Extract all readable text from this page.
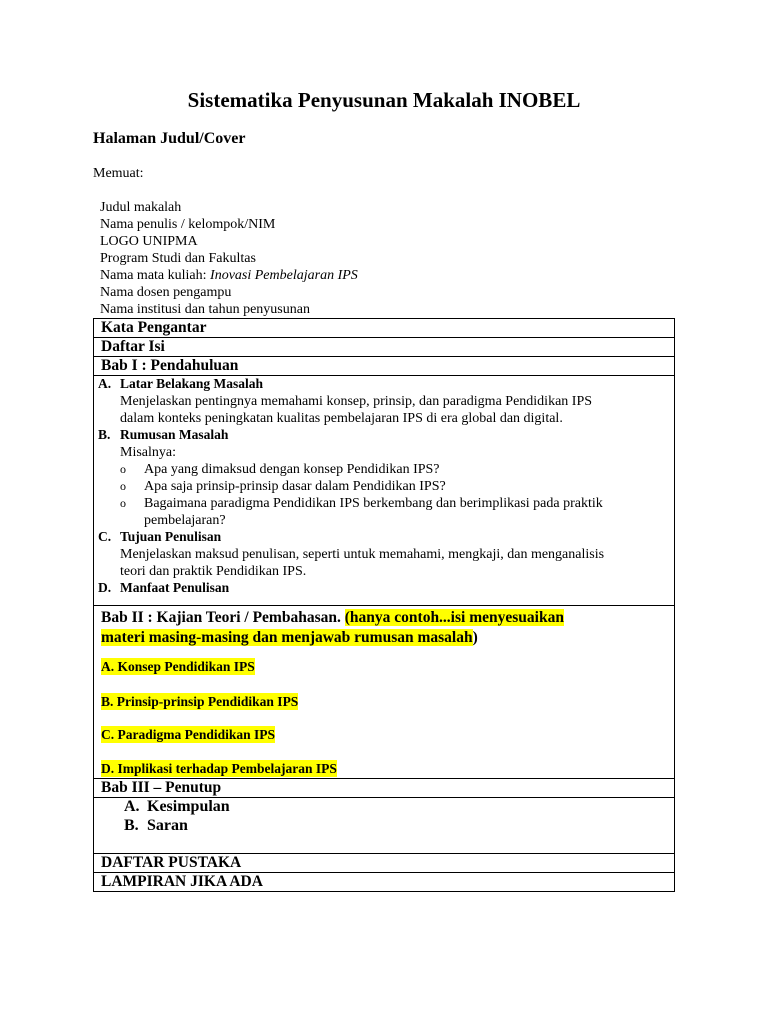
Sistematika Penyusunan Makalah INOBEL
Halaman Judul/Cover
Memuat:
Judul makalah
Nama penulis / kelompok/NIM
LOGO UNIPMA
Program Studi dan Fakultas
Nama mata kuliah: Inovasi Pembelajaran IPS
Nama dosen pengampu
Nama institusi dan tahun penyusunan
Kata Pengantar
Daftar Isi
Bab I : Pendahuluan
A. Latar Belakang Masalah
Menjelaskan pentingnya memahami konsep, prinsip, dan paradigma Pendidikan IPS
dalam konteks peningkatan kualitas pembelajaran IPS di era global dan digital.
B. Rumusan Masalah
Misalnya:
o Apa yang dimaksud dengan konsep Pendidikan IPS?
o Apa saja prinsip-prinsip dasar dalam Pendidikan IPS?
o Bagaimana paradigma Pendidikan IPS berkembang dan berimplikasi pada praktik
pembelajaran?
C. Tujuan Penulisan
Menjelaskan maksud penulisan, seperti untuk memahami, mengkaji, dan menganalisis
teori dan praktik Pendidikan IPS.
D. Manfaat Penulisan
Bab II : Kajian Teori / Pembahasan. (hanya contoh...isi menyesuaikan
materi masing-masing dan menjawab rumusan masalah)
A. Konsep Pendidikan IPS
B. Prinsip-prinsip Pendidikan IPS
C. Paradigma Pendidikan IPS
D. Implikasi terhadap Pembelajaran IPS
Bab III – Penutup
A. Kesimpulan
B. Saran
DAFTAR PUSTAKA
LAMPIRAN JIKA ADA
